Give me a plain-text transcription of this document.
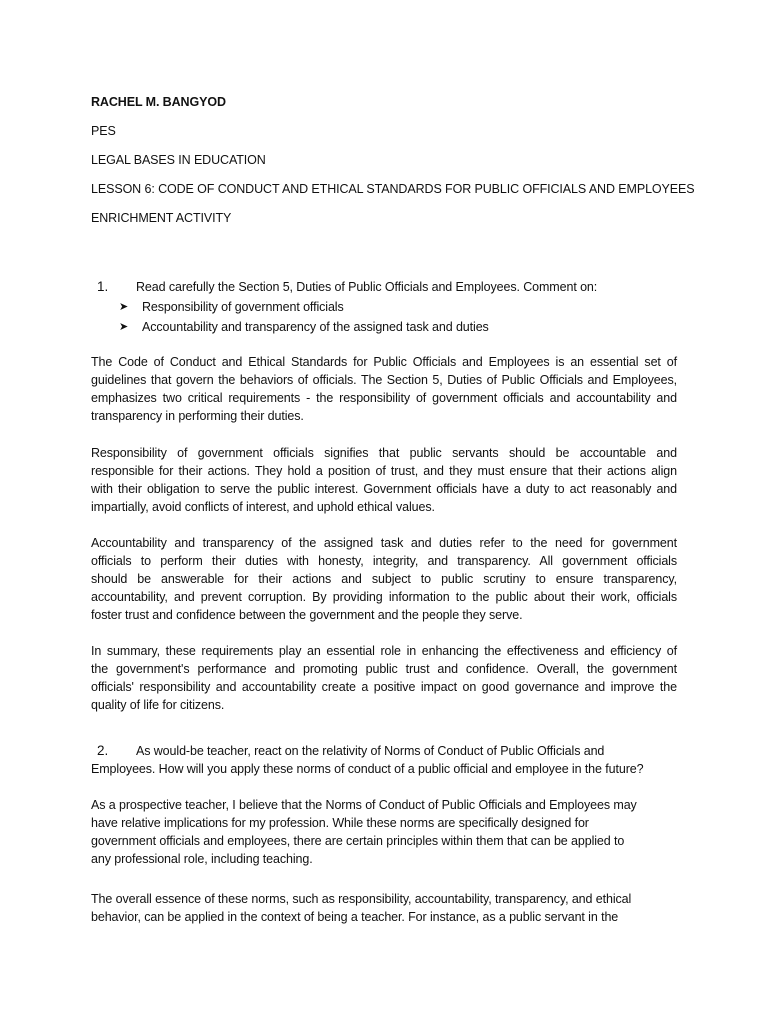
RACHEL M. BANGYOD
PES
LEGAL BASES IN EDUCATION
LESSON 6: CODE OF CONDUCT AND ETHICAL STANDARDS FOR PUBLIC OFFICIALS AND EMPLOYEES
ENRICHMENT ACTIVITY
1. Read carefully the Section 5, Duties of Public Officials and Employees. Comment on:
➤ Responsibility of government officials
➤ Accountability and transparency of the assigned task and duties
The Code of Conduct and Ethical Standards for Public Officials and Employees is an essential set of
guidelines that govern the behaviors of officials. The Section 5, Duties of Public Officials and Employees,
emphasizes two critical requirements - the responsibility of government officials and accountability and
transparency in performing their duties.
Responsibility of government officials signifies that public servants should be accountable and
responsible for their actions. They hold a position of trust, and they must ensure that their actions align
with their obligation to serve the public interest. Government officials have a duty to act reasonably and
impartially, avoid conflicts of interest, and uphold ethical values.
Accountability and transparency of the assigned task and duties refer to the need for government
officials to perform their duties with honesty, integrity, and transparency. All government officials
should be answerable for their actions and subject to public scrutiny to ensure transparency,
accountability, and prevent corruption. By providing information to the public about their work, officials
foster trust and confidence between the government and the people they serve.
In summary, these requirements play an essential role in enhancing the effectiveness and efficiency of
the government's performance and promoting public trust and confidence. Overall, the government
officials' responsibility and accountability create a positive impact on good governance and improve the
quality of life for citizens.
2. As would-be teacher, react on the relativity of Norms of Conduct of Public Officials and
Employees. How will you apply these norms of conduct of a public official and employee in the future?
As a prospective teacher, I believe that the Norms of Conduct of Public Officials and Employees may
have relative implications for my profession. While these norms are specifically designed for
government officials and employees, there are certain principles within them that can be applied to
any professional role, including teaching.
The overall essence of these norms, such as responsibility, accountability, transparency, and ethical
behavior, can be applied in the context of being a teacher. For instance, as a public servant in the
